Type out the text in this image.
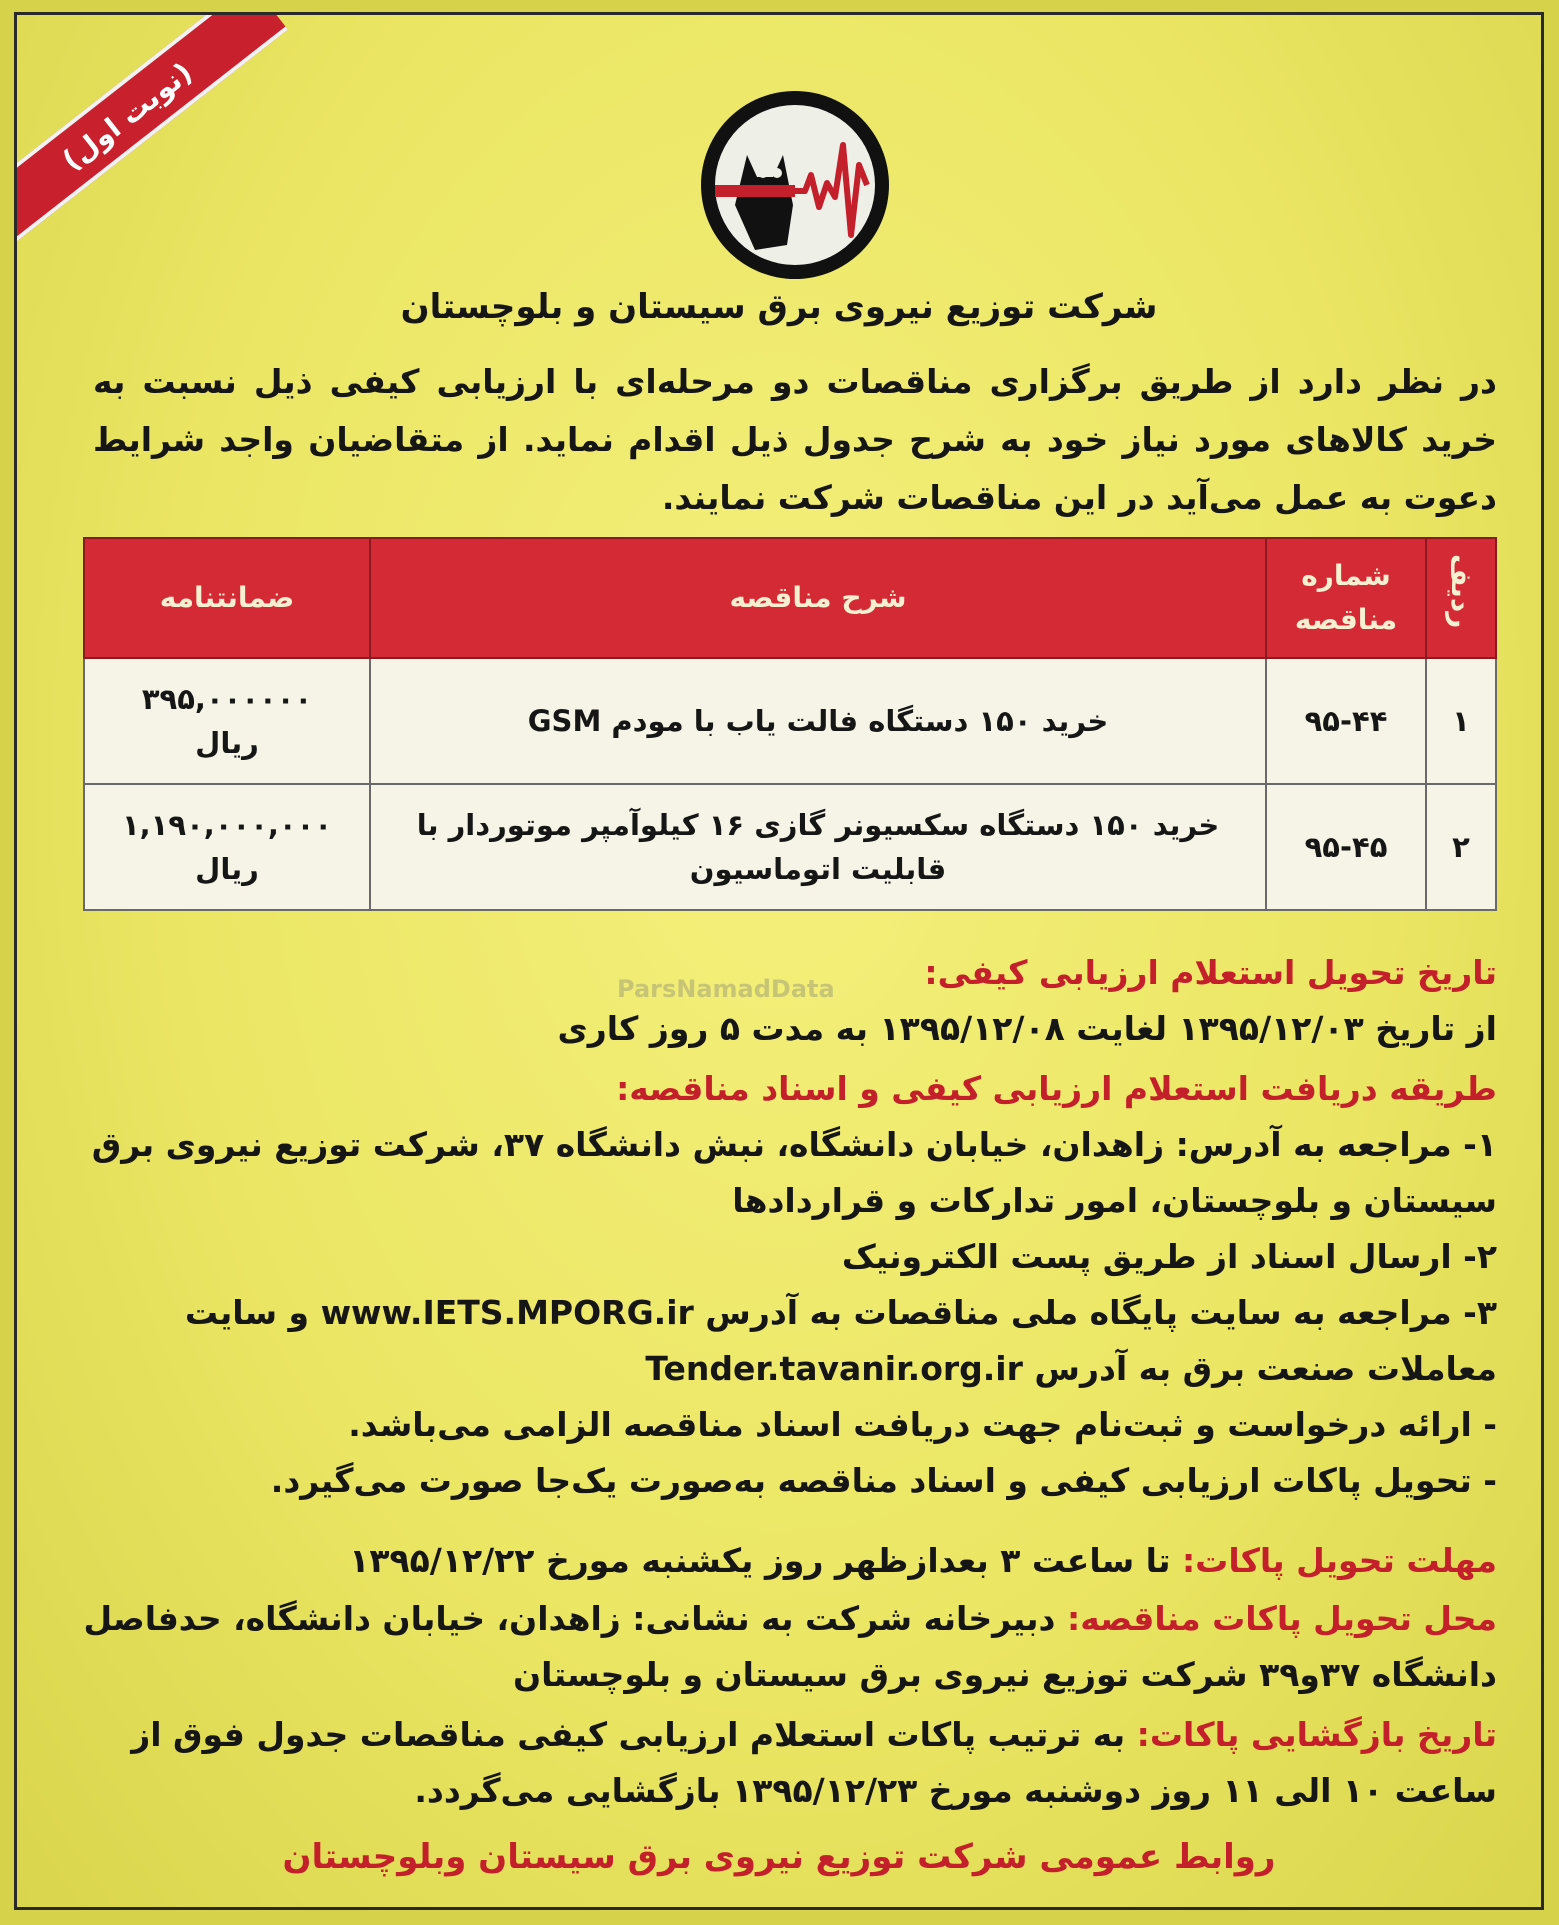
(نوبت اول)
شرکت توزیع نیروی برق سیستان و بلوچستان
در نظر دارد از طریق برگزاری مناقصات دو مرحله‌ای با ارزیابی کیفی ذیل نسبت به خرید کالاهای مورد نیاز خود به شرح جدول ذیل اقدام نماید. از متقاضیان واجد شرایط دعوت به عمل می‌آید در این مناقصات شرکت نمایند.
ردیف	شماره مناقصه	شرح مناقصه	ضمانتنامه
۱	۹۵-۴۴	خرید ۱۵۰ دستگاه فالت یاب با مودم GSM	۳۹۵,۰۰۰۰۰۰
ریال

۲	۹۵-۴۵	خرید ۱۵۰ دستگاه سکسیونر گازی ۱۶ کیلوآمپر موتوردار با قابلیت اتوماسیون	۱,۱۹۰,۰۰۰,۰۰۰
ریال
ParsNamadData	تاریخ تحویل استعلام ارزیابی کیفی:
از تاریخ ۱۳۹۵/۱۲/۰۳ لغایت ۱۳۹۵/۱۲/۰۸ به مدت ۵ روز کاری
طریقه دریافت استعلام ارزیابی کیفی و اسناد مناقصه:
۱- مراجعه به آدرس: زاهدان، خیابان دانشگاه، نبش دانشگاه ۳۷، شرکت توزیع نیروی برق سیستان و بلوچستان، امور تدارکات و قراردادها
۲- ارسال اسناد از طریق پست الکترونیک
۳- مراجعه به سایت پایگاه ملی مناقصات به آدرس www.IETS.MPORG.ir و سایت معاملات صنعت برق به آدرس Tender.tavanir.org.ir
- ارائه درخواست و ثبت‌نام جهت دریافت اسناد مناقصه الزامی می‌باشد.
- تحویل پاکات ارزیابی کیفی و اسناد مناقصه به‌صورت یک‌جا صورت می‌گیرد.
مهلت تحویل پاکات: تا ساعت ۳ بعدازظهر روز یکشنبه مورخ ۱۳۹۵/۱۲/۲۲
محل تحویل پاکات مناقصه: دبیرخانه شرکت به نشانی: زاهدان، خیابان دانشگاه، حدفاصل دانشگاه ۳۷و۳۹ شرکت توزیع نیروی برق سیستان و بلوچستان
تاریخ بازگشایی پاکات: به ترتیب پاکات استعلام ارزیابی کیفی مناقصات جدول فوق از ساعت ۱۰ الی ۱۱ روز دوشنبه مورخ ۱۳۹۵/۱۲/۲۳ بازگشایی می‌گردد.
روابط عمومی شرکت توزیع نیروی برق سیستان وبلوچستان
